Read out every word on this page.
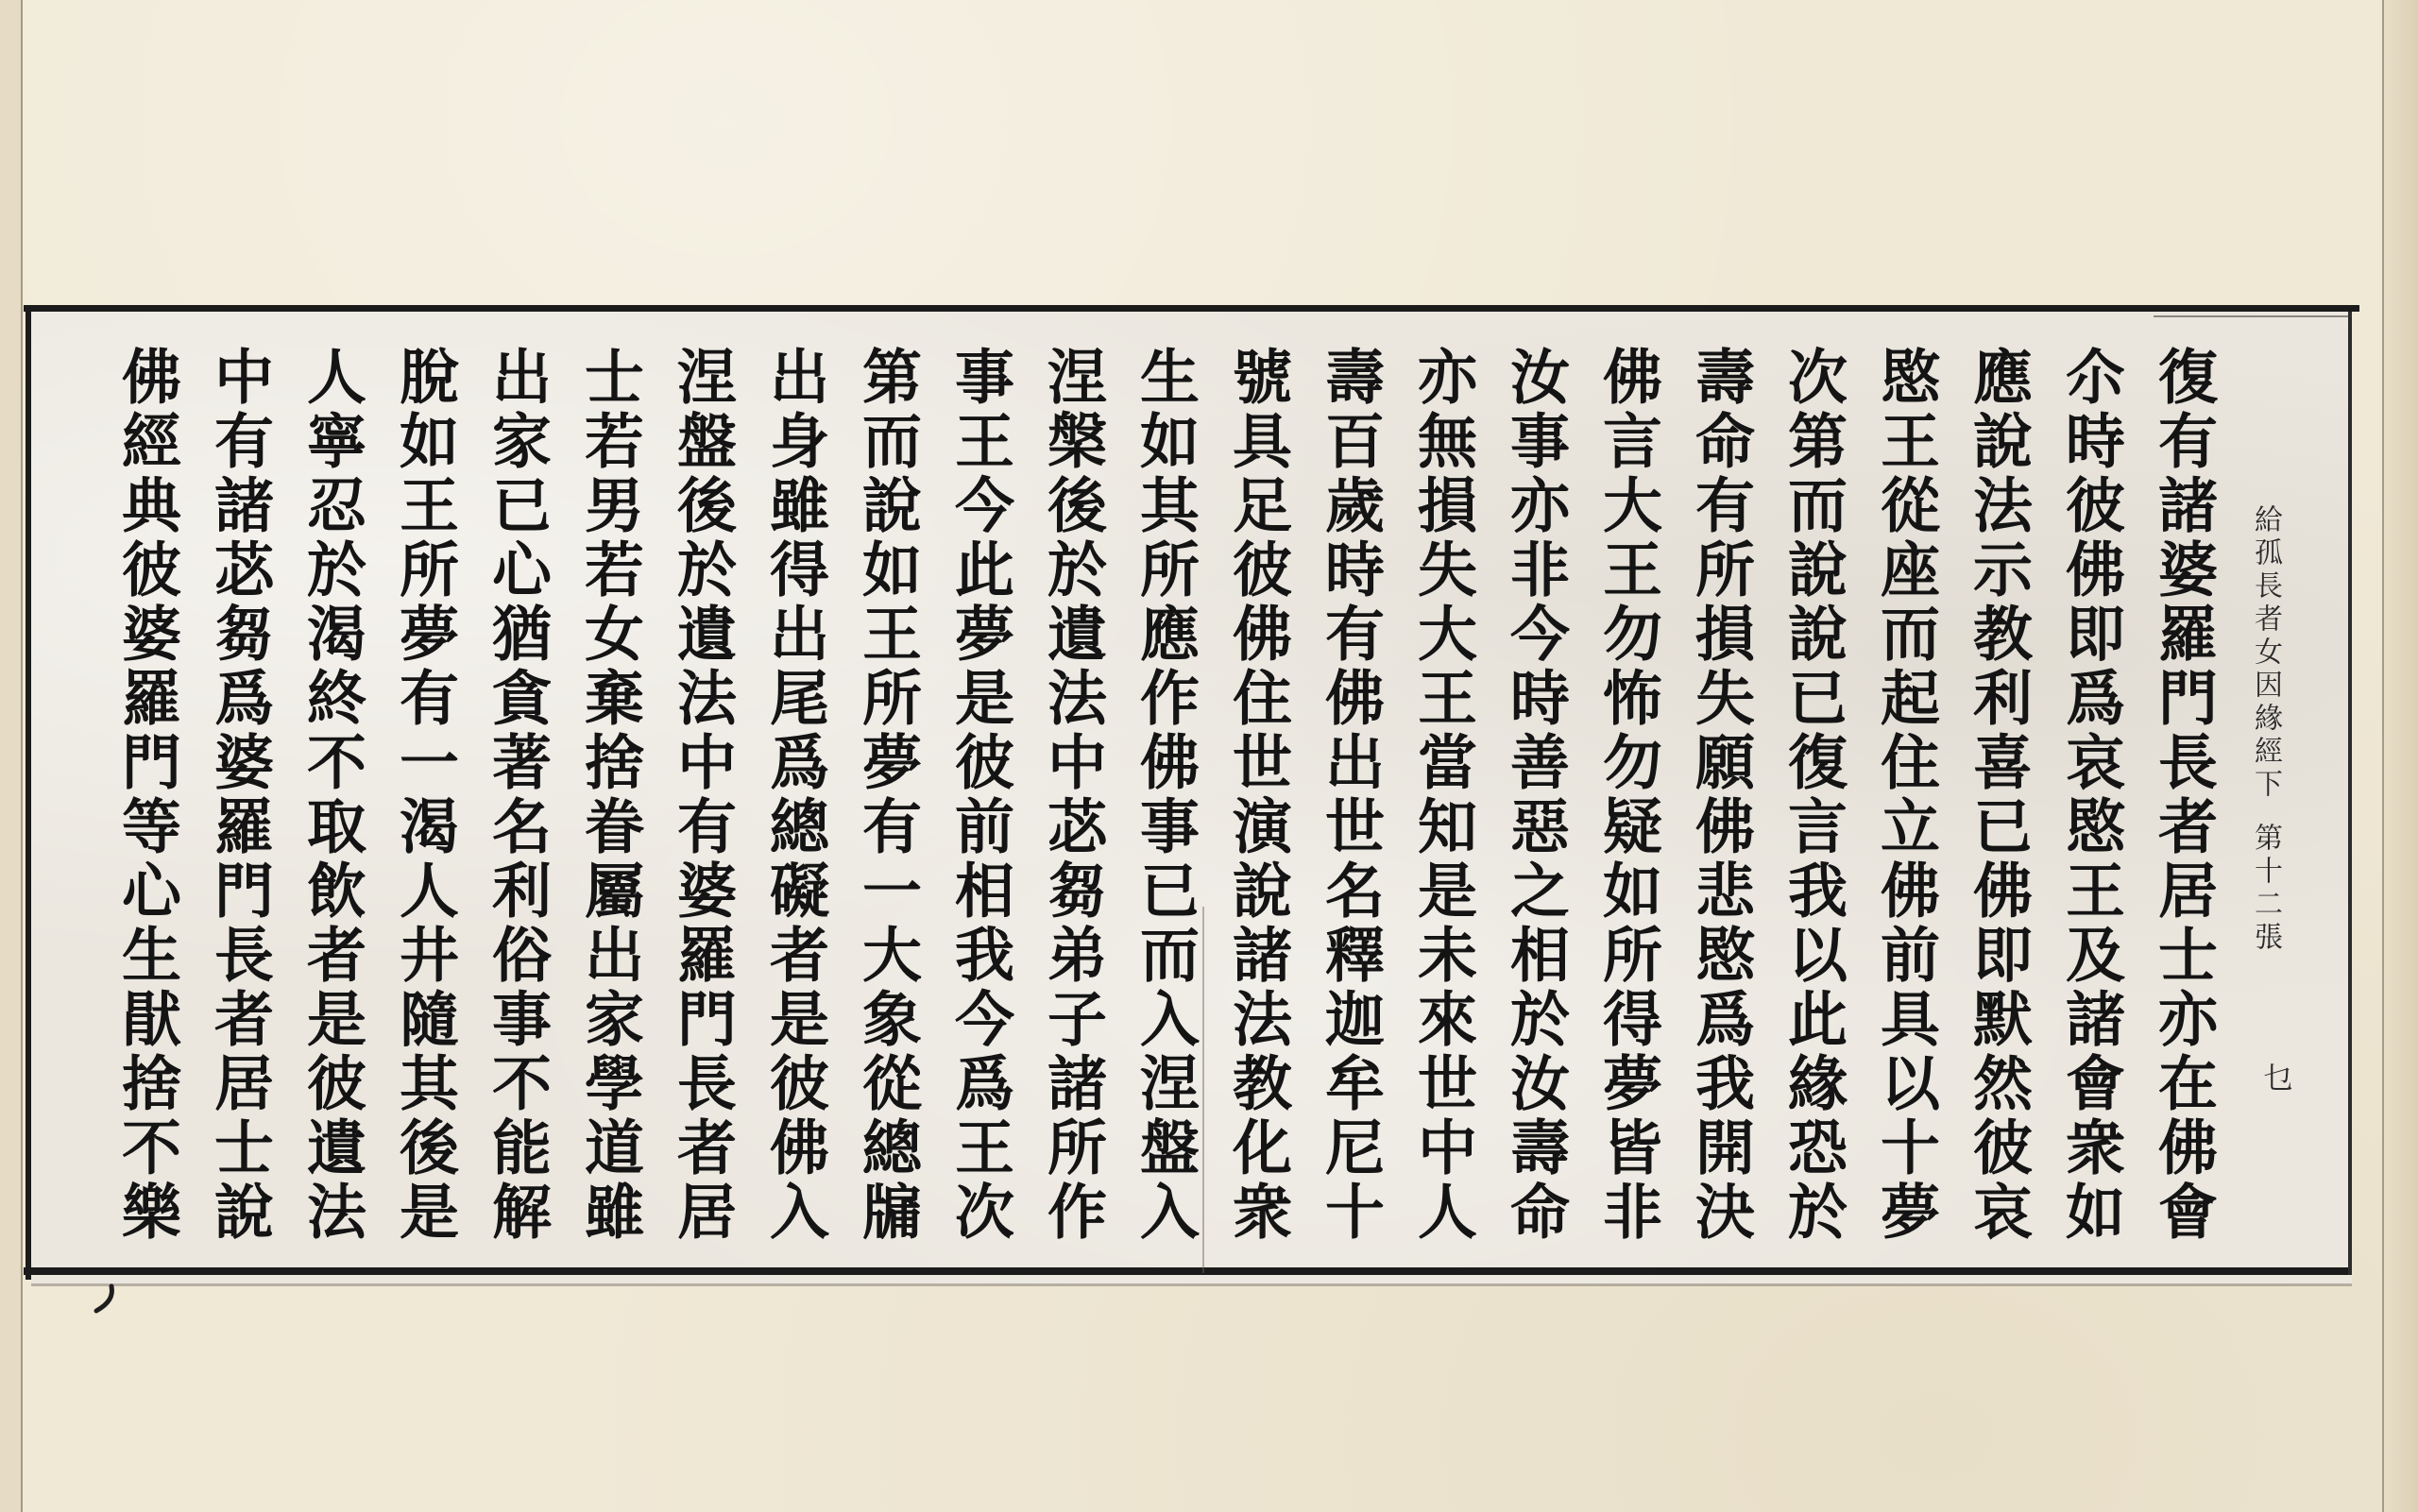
復有諸婆羅門長者居士亦在佛會
尒時彼佛即爲哀愍王及諸會衆如
應說法示教利喜已佛即默然彼哀
愍王從座而起住立佛前具以十夢
次第而說說已復言我以此緣恐於
壽命有所損失願佛悲愍爲我開決
佛言大王勿怖勿疑如所得夢皆非
汝事亦非今時善惡之相於汝壽命
亦無損失大王當知是未來世中人
壽百歲時有佛出世名釋迦牟尼十
號具足彼佛住世演說諸法教化衆
生如其所應作佛事已而入涅盤入
涅槃後於遺法中苾芻弟子諸所作
事王今此夢是彼前相我今爲王次
第而說如王所夢有一大象從總牖
出身雖得出尾爲總礙者是彼佛入
涅盤後於遺法中有婆羅門長者居
士若男若女棄捨眷屬出家學道雖
出家已心猶貪著名利俗事不能解
脫如王所夢有一渴人井隨其後是
人寧忍於渴終不取飲者是彼遺法
中有諸苾芻爲婆羅門長者居士說
佛經典彼婆羅門等心生猒捨不樂	給孤長者女因緣經下
第十二張
乜
